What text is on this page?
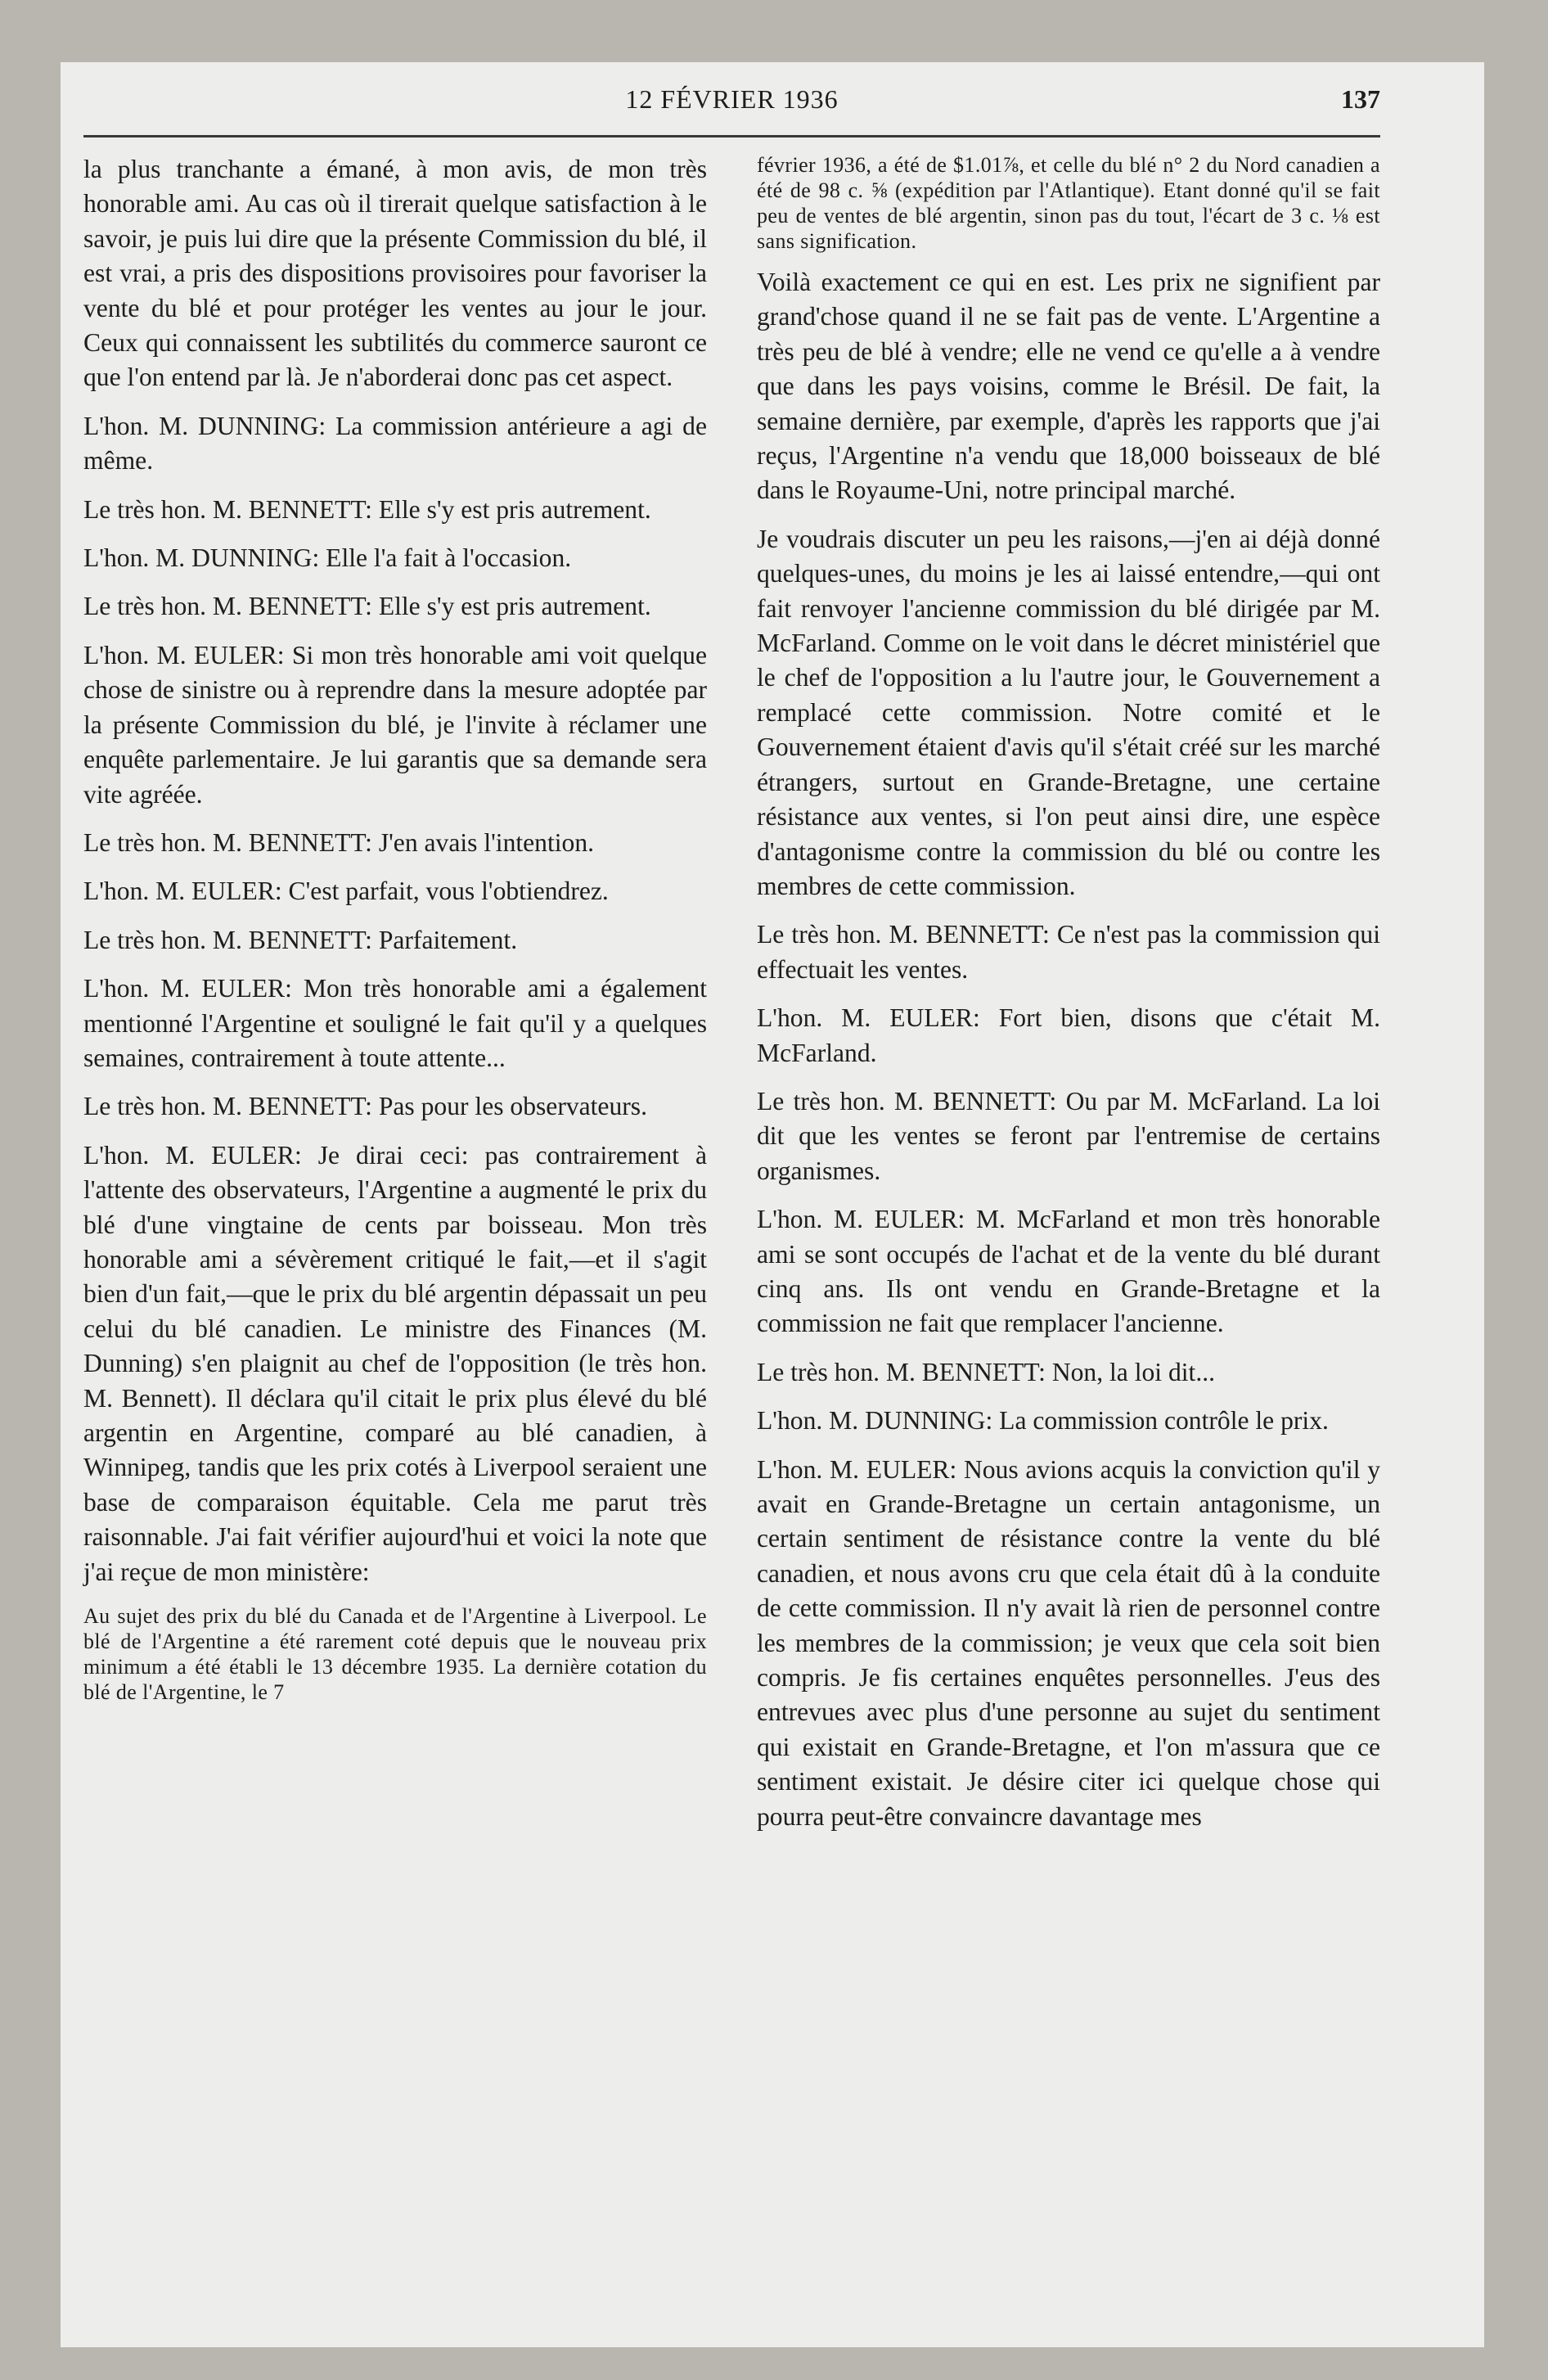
12 FÉVRIER 1936	137

la plus tranchante a émané, à mon avis, de mon très honorable ami. Au cas où il tirerait quelque satisfaction à le savoir, je puis lui dire que la présente Commission du blé, il est vrai, a pris des dispositions provisoires pour favoriser la vente du blé et pour protéger les ventes au jour le jour. Ceux qui connaissent les subtilités du commerce sauront ce que l'on entend par là. Je n'aborderai donc pas cet aspect.

L'hon. M. DUNNING: La commission antérieure a agi de même.

Le très hon. M. BENNETT: Elle s'y est pris autrement.

L'hon. M. DUNNING: Elle l'a fait à l'occasion.

Le très hon. M. BENNETT: Elle s'y est pris autrement.

L'hon. M. EULER: Si mon très honorable ami voit quelque chose de sinistre ou à reprendre dans la mesure adoptée par la présente Commission du blé, je l'invite à réclamer une enquête parlementaire. Je lui garantis que sa demande sera vite agréée.

Le très hon. M. BENNETT: J'en avais l'intention.

L'hon. M. EULER: C'est parfait, vous l'obtiendrez.

Le très hon. M. BENNETT: Parfaitement.

L'hon. M. EULER: Mon très honorable ami a également mentionné l'Argentine et souligné le fait qu'il y a quelques semaines, contrairement à toute attente...

Le très hon. M. BENNETT: Pas pour les observateurs.

L'hon. M. EULER: Je dirai ceci: pas contrairement à l'attente des observateurs, l'Argentine a augmenté le prix du blé d'une vingtaine de cents par boisseau. Mon très honorable ami a sévèrement critiqué le fait,—et il s'agit bien d'un fait,—que le prix du blé argentin dépassait un peu celui du blé canadien. Le ministre des Finances (M. Dunning) s'en plaignit au chef de l'opposition (le très hon. M. Bennett). Il déclara qu'il citait le prix plus élevé du blé argentin en Argentine, comparé au blé canadien, à Winnipeg, tandis que les prix cotés à Liverpool seraient une base de comparaison équitable. Cela me parut très raisonnable. J'ai fait vérifier aujourd'hui et voici la note que j'ai reçue de mon ministère:

Au sujet des prix du blé du Canada et de l'Argentine à Liverpool. Le blé de l'Argentine a été rarement coté depuis que le nouveau prix minimum a été établi le 13 décembre 1935. La dernière cotation du blé de l'Argentine, le 7

février 1936, a été de $1.01⅞, et celle du blé n° 2 du Nord canadien a été de 98 c. ⅝ (expédition par l'Atlantique). Etant donné qu'il se fait peu de ventes de blé argentin, sinon pas du tout, l'écart de 3 c. ⅛ est sans signification.

Voilà exactement ce qui en est. Les prix ne signifient par grand'chose quand il ne se fait pas de vente. L'Argentine a très peu de blé à vendre; elle ne vend ce qu'elle a à vendre que dans les pays voisins, comme le Brésil. De fait, la semaine dernière, par exemple, d'après les rapports que j'ai reçus, l'Argentine n'a vendu que 18,000 boisseaux de blé dans le Royaume-Uni, notre principal marché.

Je voudrais discuter un peu les raisons,—j'en ai déjà donné quelques-unes, du moins je les ai laissé entendre,—qui ont fait renvoyer l'ancienne commission du blé dirigée par M. McFarland. Comme on le voit dans le décret ministériel que le chef de l'opposition a lu l'autre jour, le Gouvernement a remplacé cette commission. Notre comité et le Gouvernement étaient d'avis qu'il s'était créé sur les marché étrangers, surtout en Grande-Bretagne, une certaine résistance aux ventes, si l'on peut ainsi dire, une espèce d'antagonisme contre la commission du blé ou contre les membres de cette commission.

Le très hon. M. BENNETT: Ce n'est pas la commission qui effectuait les ventes.

L'hon. M. EULER: Fort bien, disons que c'était M. McFarland.

Le très hon. M. BENNETT: Ou par M. McFarland. La loi dit que les ventes se feront par l'entremise de certains organismes.

L'hon. M. EULER: M. McFarland et mon très honorable ami se sont occupés de l'achat et de la vente du blé durant cinq ans. Ils ont vendu en Grande-Bretagne et la commission ne fait que remplacer l'ancienne.

Le très hon. M. BENNETT: Non, la loi dit...

L'hon. M. DUNNING: La commission contrôle le prix.

L'hon. M. EULER: Nous avions acquis la conviction qu'il y avait en Grande-Bretagne un certain antagonisme, un certain sentiment de résistance contre la vente du blé canadien, et nous avons cru que cela était dû à la conduite de cette commission. Il n'y avait là rien de personnel contre les membres de la commission; je veux que cela soit bien compris. Je fis certaines enquêtes personnelles. J'eus des entrevues avec plus d'une personne au sujet du sentiment qui existait en Grande-Bretagne, et l'on m'assura que ce sentiment existait. Je désire citer ici quelque chose qui pourra peut-être convaincre davantage mes
